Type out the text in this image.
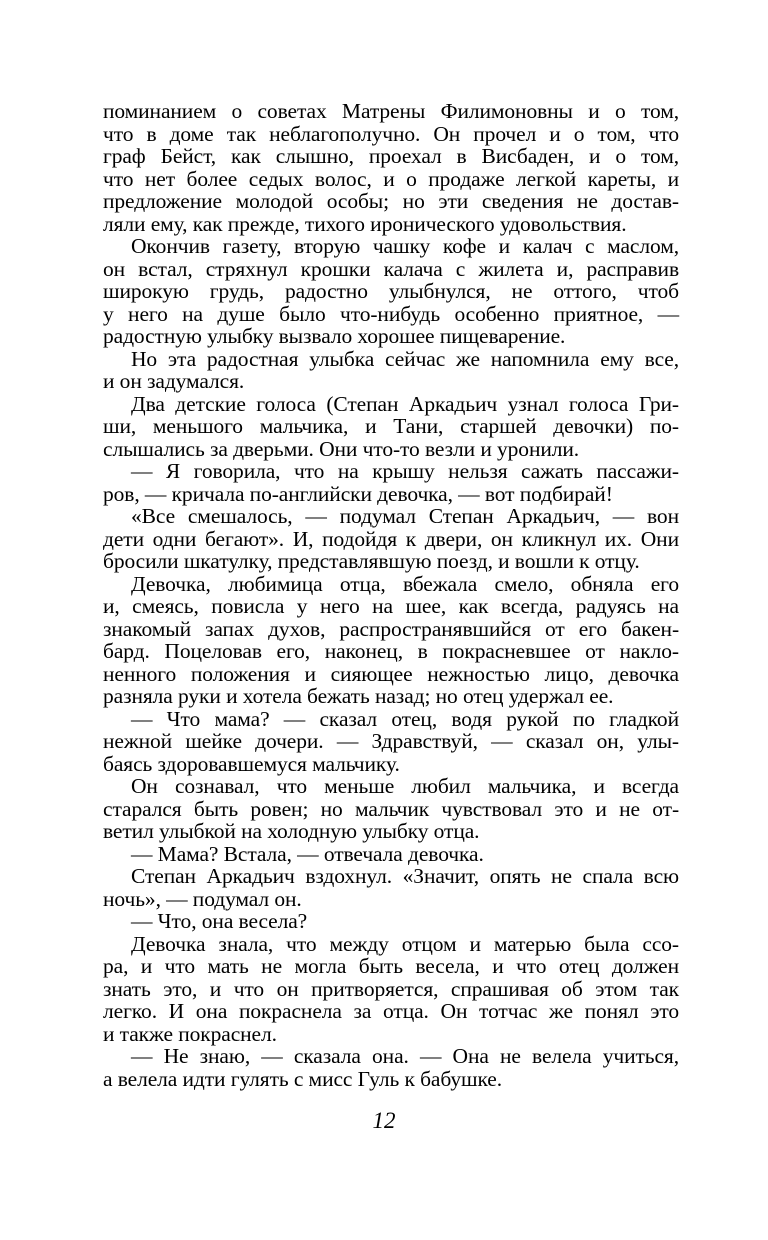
поминанием о советах Матрены Филимоновны и о том,
что в доме так неблагополучно. Он прочел и о том, что
граф Бейст, как слышно, проехал в Висбаден, и о том,
что нет более седых волос, и о продаже легкой кареты, и
предложение молодой особы; но эти сведения не достав-
ляли ему, как прежде, тихого иронического удовольствия.
Окончив газету, вторую чашку кофе и калач с маслом,
он встал, стряхнул крошки калача с жилета и, расправив
широкую грудь, радостно улыбнулся, не оттого, чтоб
у него на душе было что-нибудь особенно приятное, —
радостную улыбку вызвало хорошее пищеварение.
Но эта радостная улыбка сейчас же напомнила ему все,
и он задумался.
Два детские голоса (Степан Аркадьич узнал голоса Гри-
ши, меньшого мальчика, и Тани, старшей девочки) по-
слышались за дверьми. Они что-то везли и уронили.
— Я говорила, что на крышу нельзя сажать пассажи-
ров, — кричала по-английски девочка, — вот подбирай!
«Все смешалось, — подумал Степан Аркадьич, — вон
дети одни бегают». И, подойдя к двери, он кликнул их. Они
бросили шкатулку, представлявшую поезд, и вошли к отцу.
Девочка, любимица отца, вбежала смело, обняла его
и, смеясь, повисла у него на шее, как всегда, радуясь на
знакомый запах духов, распространявшийся от его бакен-
бард. Поцеловав его, наконец, в покрасневшее от накло-
ненного положения и сияющее нежностью лицо, девочка
разняла руки и хотела бежать назад; но отец удержал ее.
— Что мама? — сказал отец, водя рукой по гладкой
нежной шейке дочери. — Здравствуй, — сказал он, улы-
баясь здоровавшемуся мальчику.
Он сознавал, что меньше любил мальчика, и всегда
старался быть ровен; но мальчик чувствовал это и не от-
ветил улыбкой на холодную улыбку отца.
— Мама? Встала, — отвечала девочка.
Степан Аркадьич вздохнул. «Значит, опять не спала всю
ночь», — подумал он.
— Что, она весела?
Девочка знала, что между отцом и матерью была ссо-
ра, и что мать не могла быть весела, и что отец должен
знать это, и что он притворяется, спрашивая об этом так
легко. И она покраснела за отца. Он тотчас же понял это
и также покраснел.
— Не знаю, — сказала она. — Она не велела учиться,
а велела идти гулять с мисс Гуль к бабушке.
12
